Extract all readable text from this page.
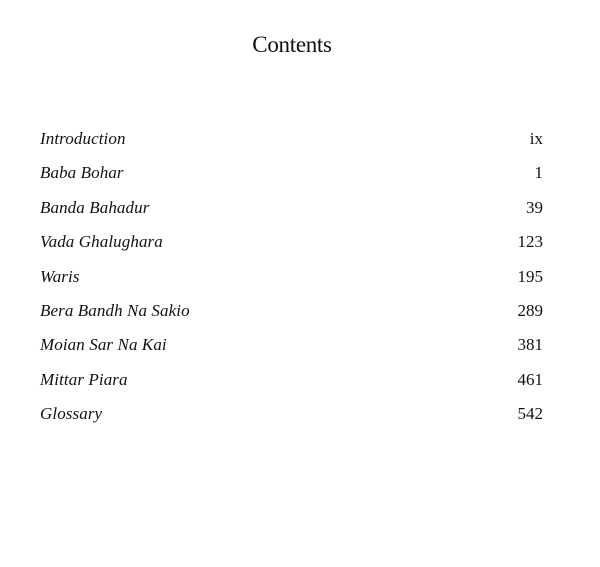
Contents
Introduction	ix
Baba Bohar	1
Banda Bahadur	39
Vada Ghalughara	123
Waris	195
Bera Bandh Na Sakio	289
Moian Sar Na Kai	381
Mittar Piara	461
Glossary	542
